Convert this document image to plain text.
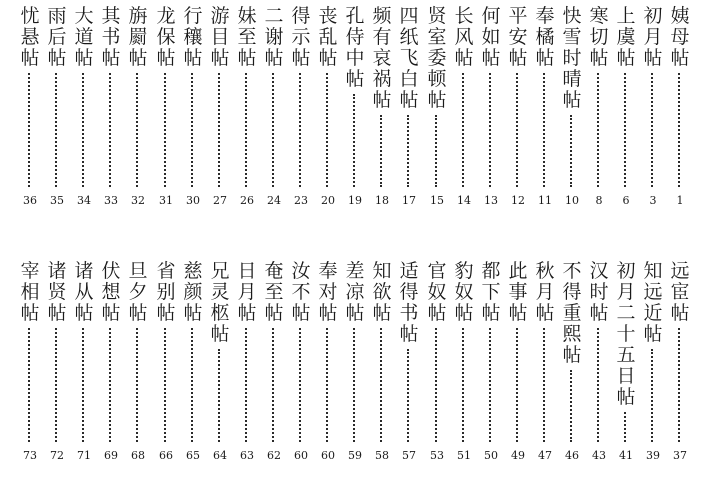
忧
悬
帖
36
雨
后
帖
35
大
道
帖
34
其
书
帖
33
旃
罽
帖
32
龙
保
帖
31
行
穰
帖
30
游
目
帖
27
妹
至
帖
26
二
谢
帖
24
得
示
帖
23
丧
乱
帖
20
孔
侍
中
帖
19
频
有
哀
祸
帖
18
四
纸
飞
白
帖
17
贤
室
委
顿
帖
15
长
风
帖
14
何
如
帖
13
平
安
帖
12
奉
橘
帖
11
快
雪
时
晴
帖
10
寒
切
帖
8
上
虞
帖
6
初
月
帖
3
姨
母
帖
1
宰
相
帖
73
诸
贤
帖
72
诸
从
帖
71
伏
想
帖
69
旦
夕
帖
68
省
别
帖
66
慈
颜
帖
65
兄
灵
柩
帖
64
日
月
帖
63
奄
至
帖
62
汝
不
帖
60
奉
对
帖
60
差
凉
帖
59
知
欲
帖
58
适
得
书
帖
57
官
奴
帖
53
豹
奴
帖
51
都
下
帖
50
此
事
帖
49
秋
月
帖
47
不
得
重
熙
帖
46
汉
时
帖
43
初
月
二
十
五
日
帖
41
知
远
近
帖
39
远
宦
帖
37
